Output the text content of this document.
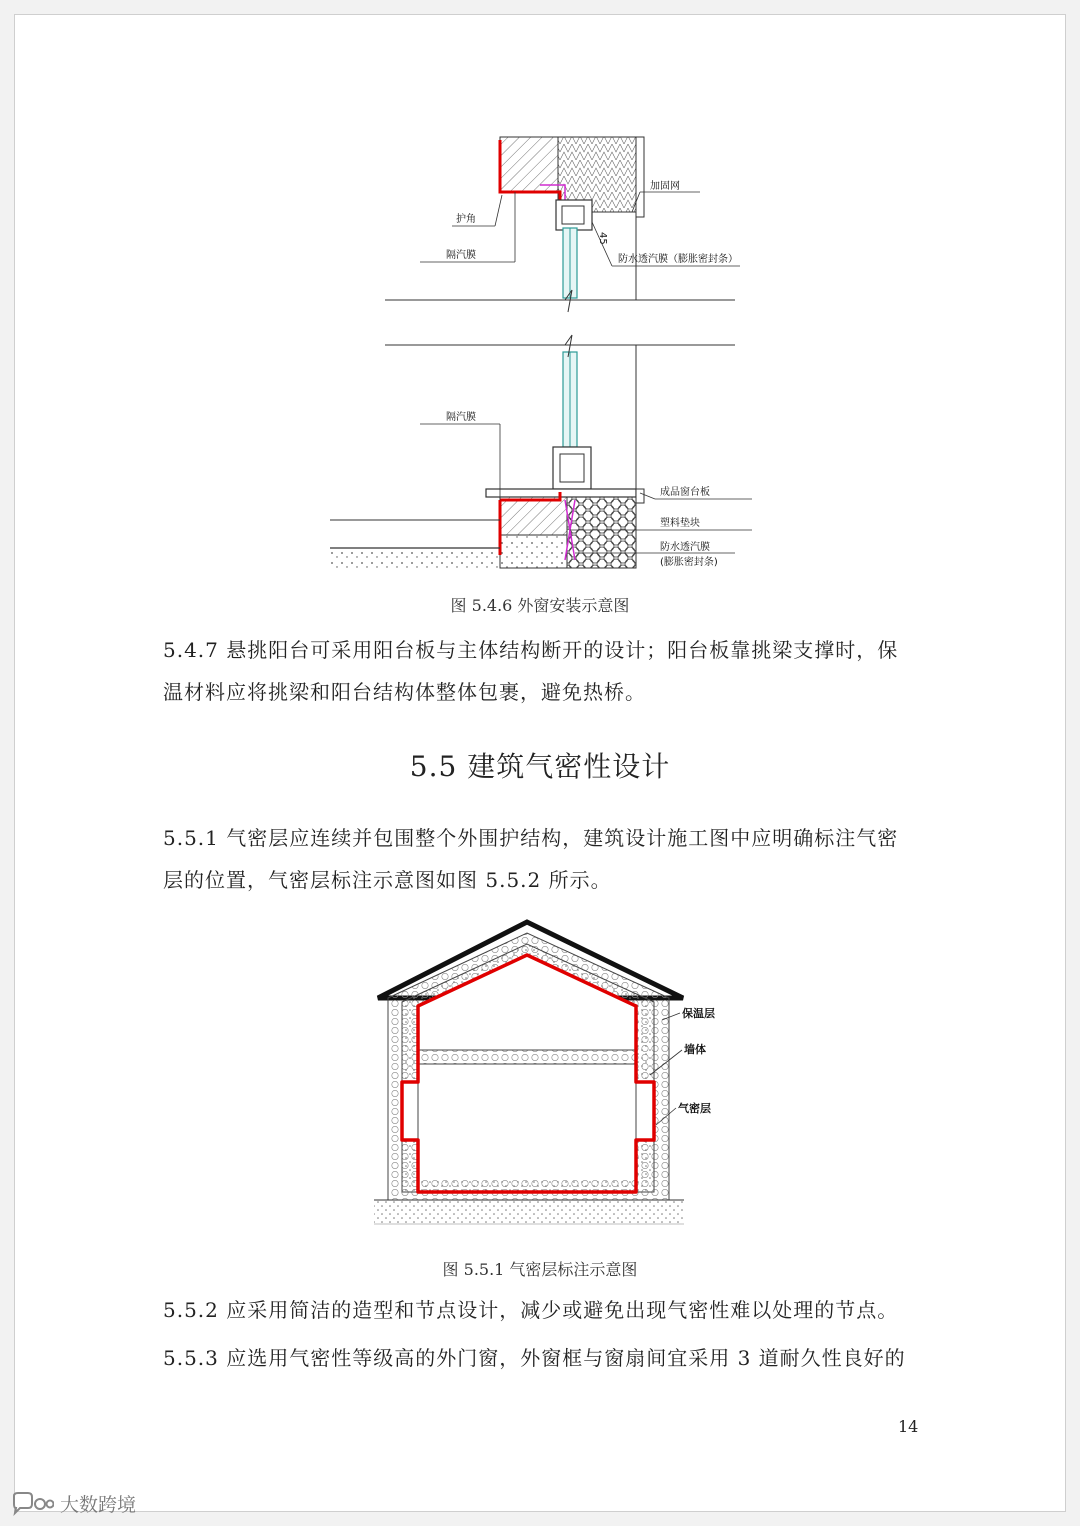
加固网
护角
隔汽膜
45
防水透汽膜（膨胀密封条）
隔汽膜
成品窗台板
塑料垫块
防水透汽膜
(膨胀密封条)
图 5.4.6 外窗安装示意图
5.4.7 悬挑阳台可采用阳台板与主体结构断开的设计；阳台板靠挑梁支撑时，保
温材料应将挑梁和阳台结构体整体包裹，避免热桥。
5.5 建筑气密性设计
5.5.1 气密层应连续并包围整个外围护结构，建筑设计施工图中应明确标注气密
层的位置，气密层标注示意图如图 5.5.2 所示。
保温层
墙体
气密层
图 5.5.1 气密层标注示意图
5.5.2 应采用简洁的造型和节点设计，减少或避免出现气密性难以处理的节点。
5.5.3 应选用气密性等级高的外门窗，外窗框与窗扇间宜采用 3 道耐久性良好的
14
大数跨境
